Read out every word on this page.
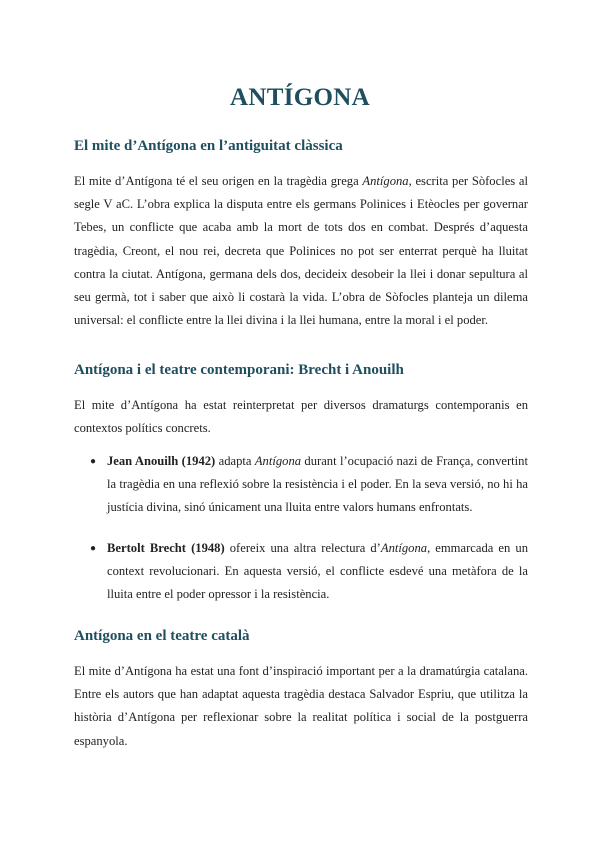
ANTÍGONA
El mite d’Antígona en l’antiguitat clàssica

El mite d’Antígona té el seu origen en la tragèdia grega Antígona, escrita per Sòfocles al segle V aC. L’obra explica la disputa entre els germans Polinices i Etèocles per governar Tebes, un conflicte que acaba amb la mort de tots dos en combat. Després d’aquesta tragèdia, Creont, el nou rei, decreta que Polinices no pot ser enterrat perquè ha lluitat contra la ciutat. Antígona, germana dels dos, decideix desobeir la llei i donar sepultura al seu germà, tot i saber que això li costarà la vida. L’obra de Sòfocles planteja un dilema universal: el conflicte entre la llei divina i la llei humana, entre la moral i el poder.

Antígona i el teatre contemporani: Brecht i Anouilh

El mite d’Antígona ha estat reinterpretat per diversos dramaturgs contemporanis en contextos polítics concrets.

● Jean Anouilh (1942) adapta Antígona durant l’ocupació nazi de França, convertint la tragèdia en una reflexió sobre la resistència i el poder. En la seva versió, no hi ha justícia divina, sinó únicament una lluita entre valors humans enfrontats.
● Bertolt Brecht (1948) ofereix una altra relectura d’Antígona, emmarcada en un context revolucionari. En aquesta versió, el conflicte esdevé una metàfora de la lluita entre el poder opressor i la resistència.
Antígona en el teatre català

El mite d’Antígona ha estat una font d’inspiració important per a la dramatúrgia catalana. Entre els autors que han adaptat aquesta tragèdia destaca Salvador Espriu, que utilitza la història d’Antígona per reflexionar sobre la realitat política i social de la postguerra espanyola.
